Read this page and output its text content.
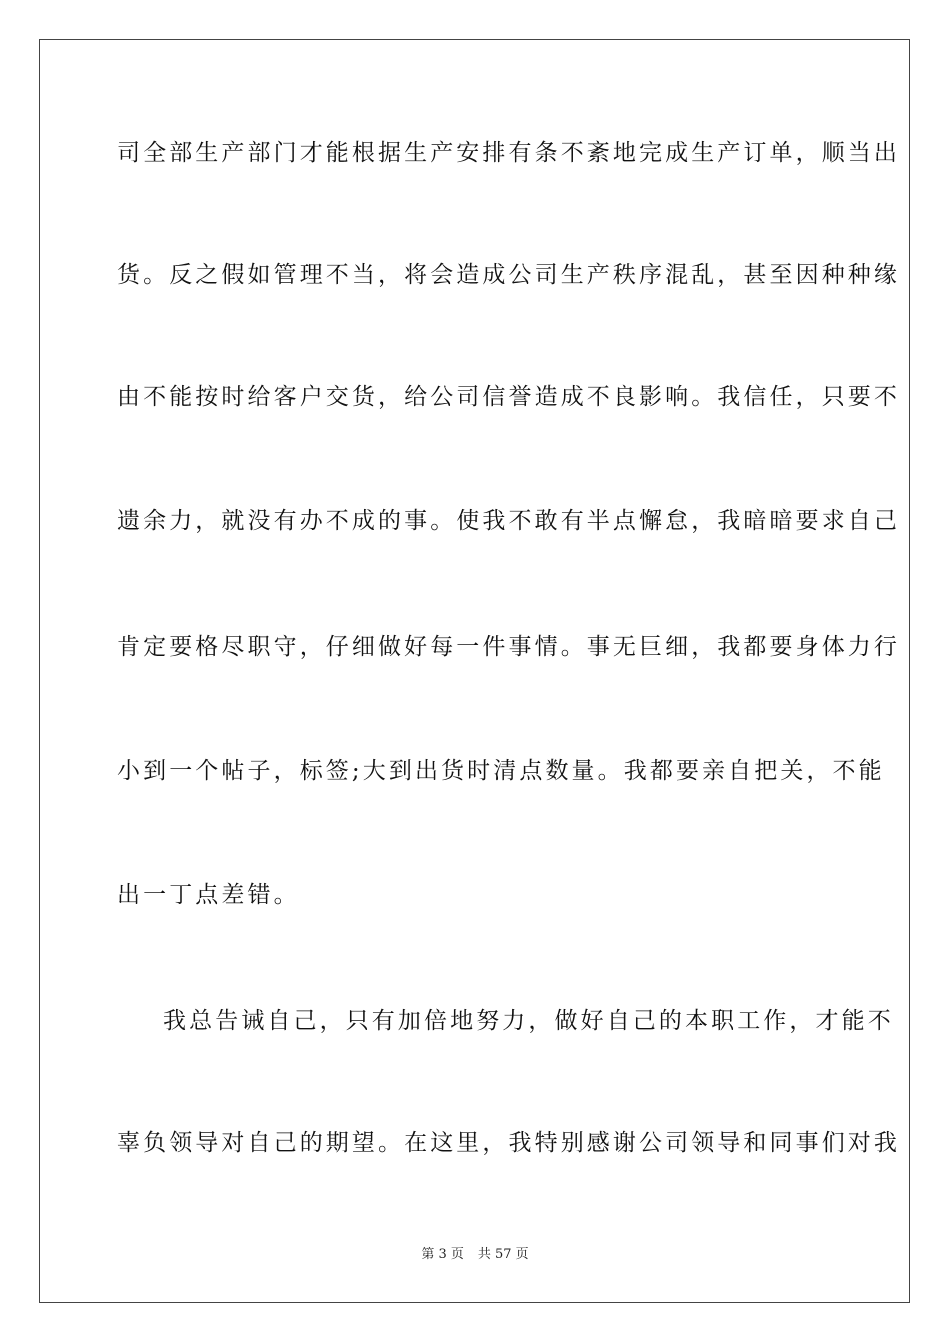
司全部生产部门才能根据生产安排有条不紊地完成生产订单，顺当出
货。反之假如管理不当，将会造成公司生产秩序混乱，甚至因种种缘
由不能按时给客户交货，给公司信誉造成不良影响。我信任，只要不
遗余力，就没有办不成的事。使我不敢有半点懈怠，我暗暗要求自己
肯定要格尽职守，仔细做好每一件事情。事无巨细，我都要身体力行
小到一个帖子，标签;大到出货时清点数量。我都要亲自把关，不能
出一丁点差错。
我总告诫自己，只有加倍地努力，做好自己的本职工作，才能不
辜负领导对自己的期望。在这里，我特别感谢公司领导和同事们对我
第 3 页 共 57 页
